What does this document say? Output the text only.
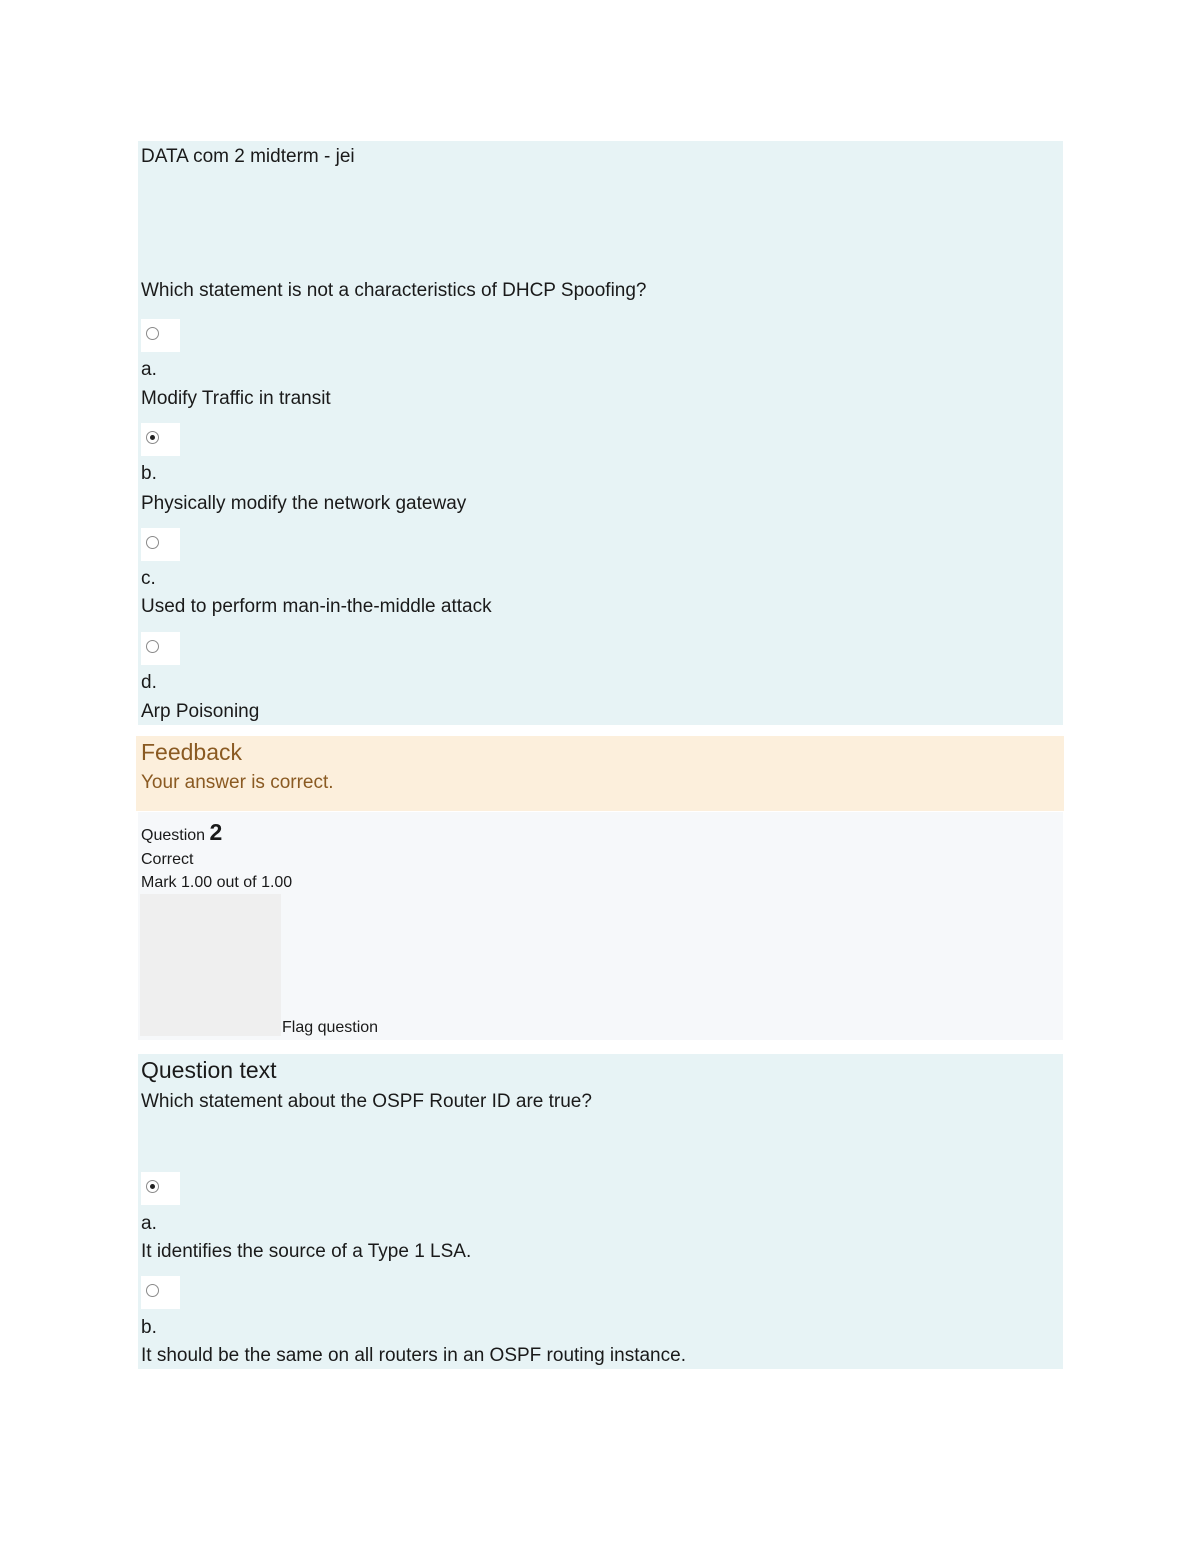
DATA com 2 midterm - jei
Which statement is not a characteristics of DHCP Spoofing?
a.
Modify Traffic in transit
b.
Physically modify the network gateway
c.
Used to perform man-in-the-middle attack
d.
Arp Poisoning
Feedback
Your answer is correct.
Question 2
Correct
Mark 1.00 out of 1.00
Flag question
Question text
Which statement about the OSPF Router ID are true?
a.
It identifies the source of a Type 1 LSA.
b.
It should be the same on all routers in an OSPF routing instance.
